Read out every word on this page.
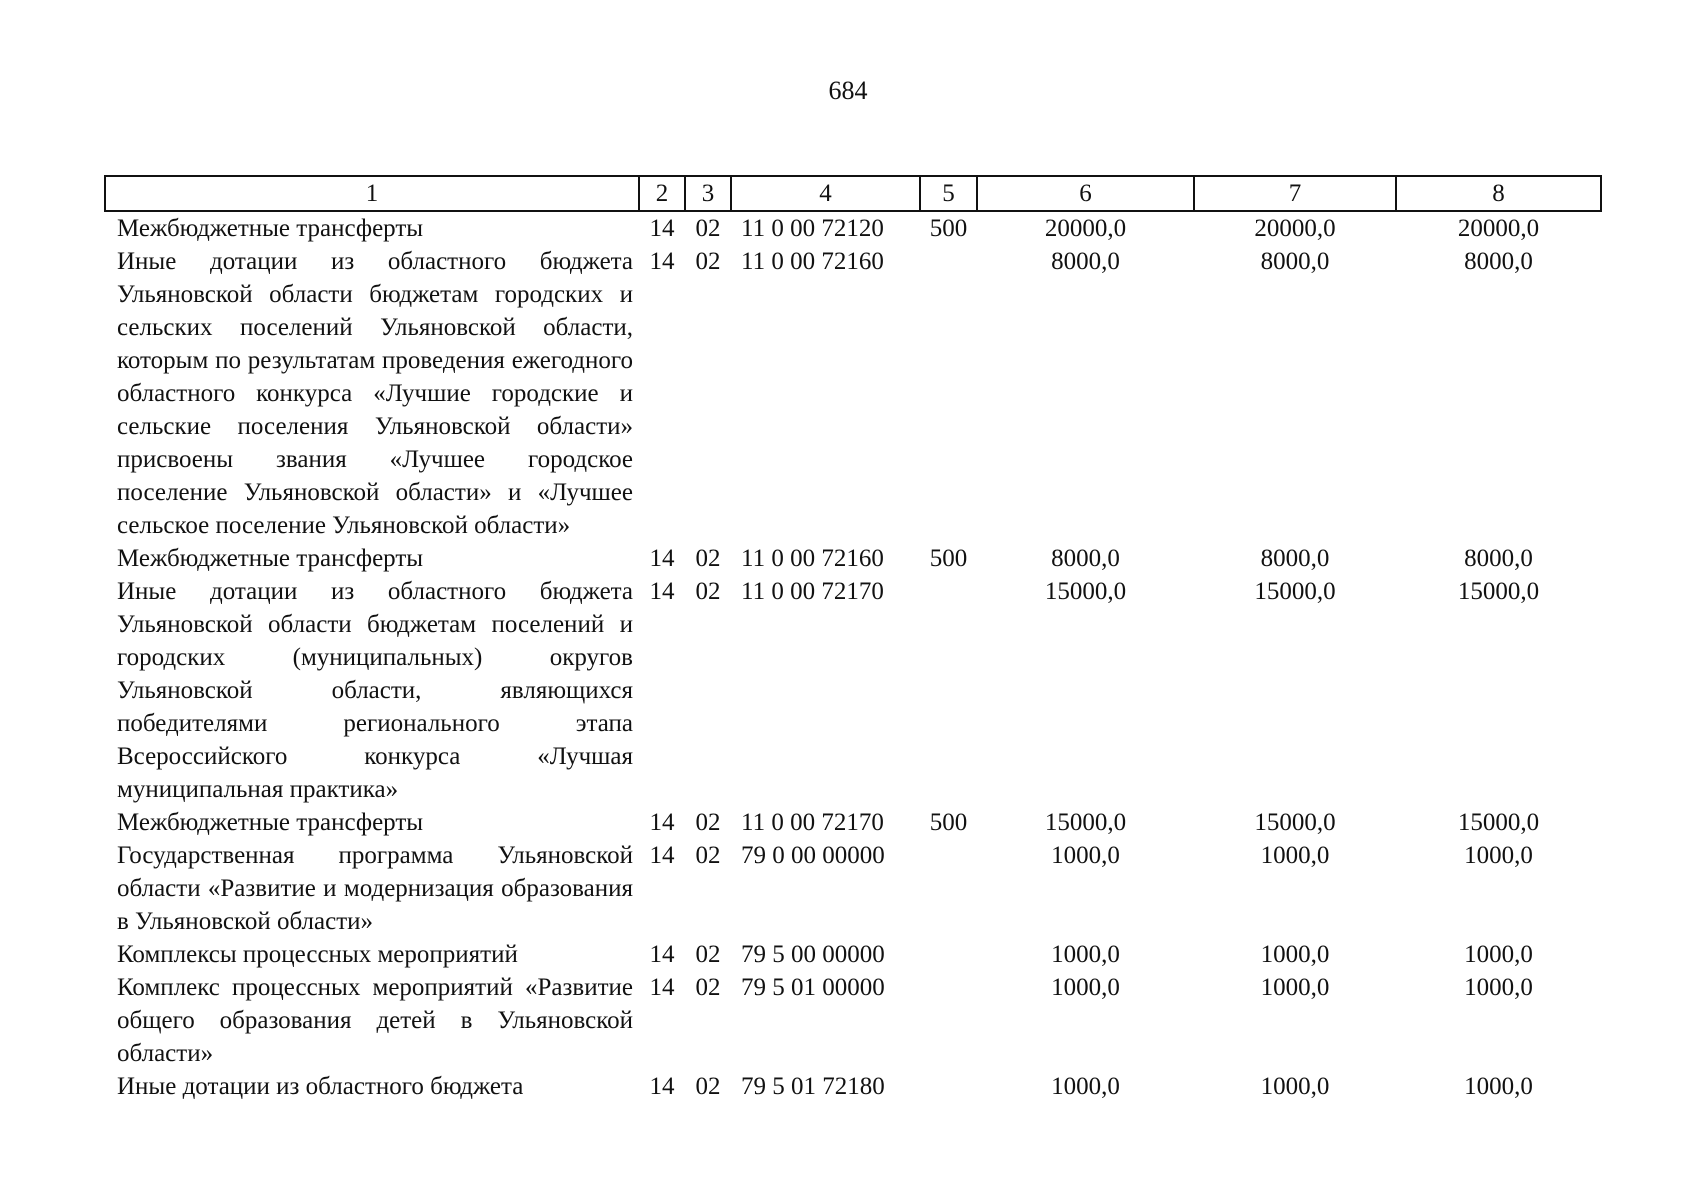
684
1	2	3	4	5	6	7	8
Межбюджетные трансферты	14	02	11 0 00 72120	500	20000,0	20000,0	20000,0
Иные дотации из областного бюджета Ульяновской области бюджетам городских и сельских поселений Ульяновской области, которым по результатам проведения ежегодного областного конкурса «Лучшие городские и сельские поселения Ульяновской области» присвоены звания «Лучшее городское поселение Ульяновской области» и «Лучшее сельское поселение Ульяновской области»	14	02	11 0 00 72160		8000,0	8000,0	8000,0
Межбюджетные трансферты	14	02	11 0 00 72160	500	8000,0	8000,0	8000,0
Иные дотации из областного бюджета Ульяновской области бюджетам поселений и городских (муниципальных) округов Ульяновской области, являющихся победителями регионального этапа Всероссийского конкурса «Лучшая муниципальная практика»	14	02	11 0 00 72170		15000,0	15000,0	15000,0
Межбюджетные трансферты	14	02	11 0 00 72170	500	15000,0	15000,0	15000,0
Государственная программа Ульяновской области «Развитие и модернизация образования в Ульяновской области»	14	02	79 0 00 00000		1000,0	1000,0	1000,0
Комплексы процессных мероприятий	14	02	79 5 00 00000		1000,0	1000,0	1000,0
Комплекс процессных мероприятий «Развитие общего образования детей в Ульяновской области»	14	02	79 5 01 00000		1000,0	1000,0	1000,0
Иные дотации из областного бюджета	14	02	79 5 01 72180		1000,0	1000,0	1000,0
